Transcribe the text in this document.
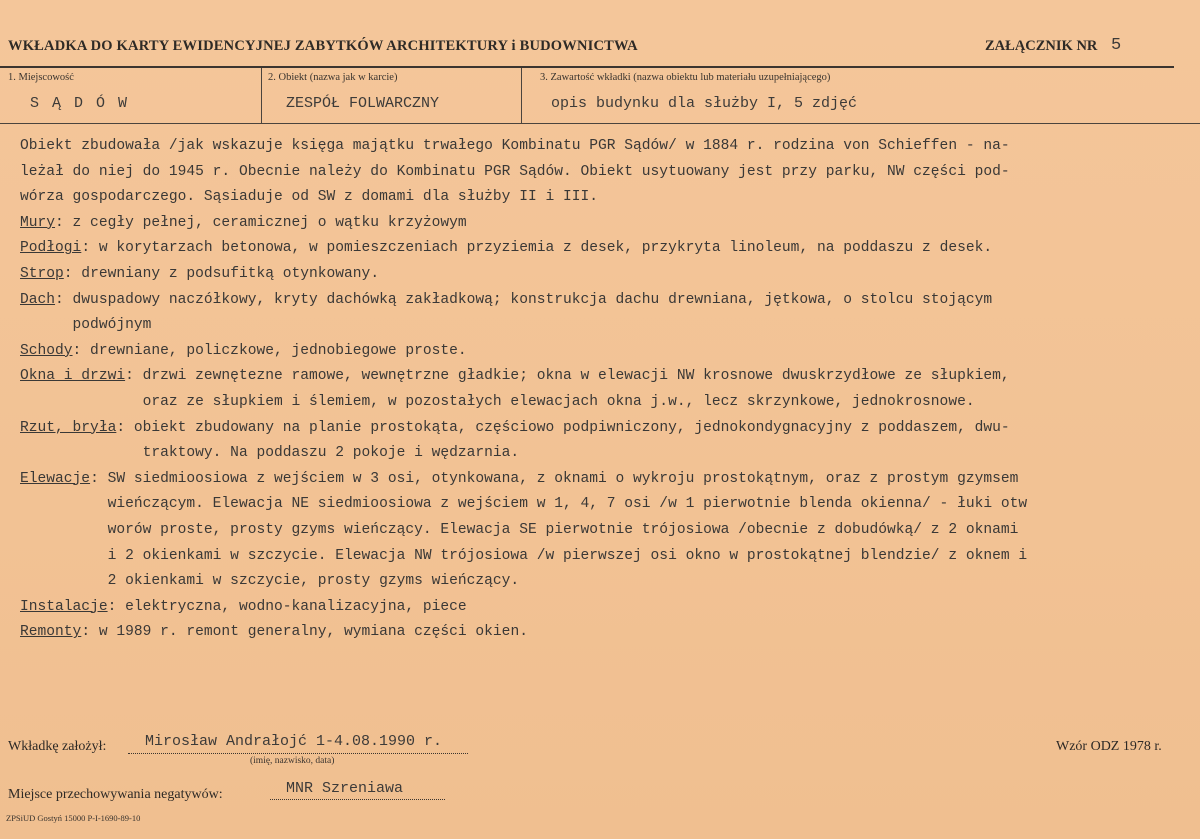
WKŁADKA DO KARTY EWIDENCYJNEJ ZABYTKÓW ARCHITEKTURY i BUDOWNICTWA	ZAŁĄCZNIK NR 5
1. Miejscowość
S Ą D Ó W
2. Obiekt (nazwa jak w karcie)
ZESPÓŁ FOLWARCZNY
3. Zawartość wkładki (nazwa obiektu lub materiału uzupełniającego)
opis budynku dla służby I, 5 zdjęć
Obiekt zbudowała /jak wskazuje księga majątku trwałego Kombinatu PGR Sądów/ w 1884 r. rodzina von Schieffen - na-
leżał do niej do 1945 r. Obecnie należy do Kombinatu PGR Sądów. Obiekt usytuowany jest przy parku, NW części pod-
wórza gospodarczego. Sąsiaduje od SW z domami dla służby II i III.
Mury: z cegły pełnej, ceramicznej o wątku krzyżowym
Podłogi: w korytarzach betonowa, w pomieszczeniach przyziemia z desek, przykryta linoleum, na poddaszu z desek.
Strop: drewniany z podsufitką otynkowany.
Dach: dwuspadowy naczółkowy, kryty dachówką zakładkową; konstrukcja dachu drewniana, jętkowa, o stolcu stojącym
podwójnym
Schody: drewniane, policzkowe, jednobiegowe proste.
Okna i drzwi: drzwi zewnętezne ramowe, wewnętrzne gładkie; okna w elewacji NW krosnowe dwuskrzydłowe ze słupkiem,
oraz ze słupkiem i ślemiem, w pozostałych elewacjach okna j.w., lecz skrzynkowe, jednokrosnowe.
Rzut, bryła: obiekt zbudowany na planie prostokąta, częściowo podpiwniczony, jednokondygnacyjny z poddaszem, dwu-
traktowy. Na poddaszu 2 pokoje i wędzarnia.
Elewacje: SW siedmioosiowa z wejściem w 3 osi, otynkowana, z oknami o wykroju prostokątnym, oraz z prostym gzymsem
wieńczącym. Elewacja NE siedmioosiowa z wejściem w 1, 4, 7 osi /w 1 pierwotnie blenda okienna/ - łuki otw
worów proste, prosty gzyms wieńczący. Elewacja SE pierwotnie trójosiowa /obecnie z dobudówką/ z 2 oknami
i 2 okienkami w szczycie. Elewacja NW trójosiowa /w pierwszej osi okno w prostokątnej blendzie/ z oknem i
2 okienkami w szczycie, prosty gzyms wieńczący.
Instalacje: elektryczna, wodno-kanalizacyjna, piece
Remonty: w 1989 r. remont generalny, wymiana części okien.
Wkładkę założył:	Mirosław Andrałojć 1-4.08.1990 r.
(imię, nazwisko, data)
Wzór ODZ 1978 r.
Miejsce przechowywania negatywów:	MNR Szreniawa
ZPSiUD Gostyń 15000 P-I-1690-89-10
